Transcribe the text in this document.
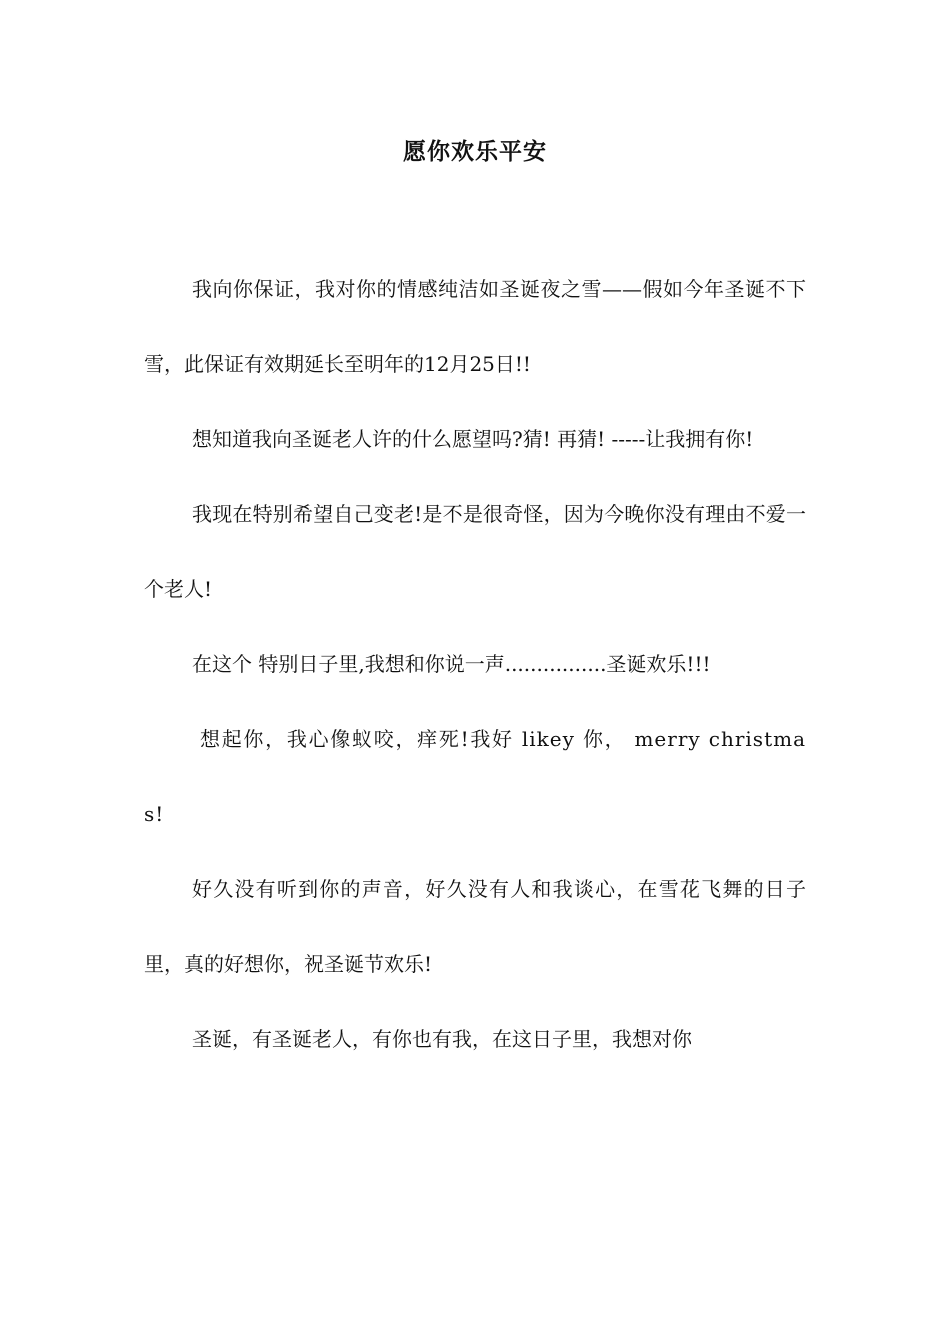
愿你欢乐平安

我向你保证，我对你的情感纯洁如圣诞夜之雪——假如今年圣诞不下雪，此保证有效期延长至明年的12月25日!!

想知道我向圣诞老人许的什么愿望吗?猜! 再猜! -----让我拥有你!

我现在特别希望自己变老!是不是很奇怪，因为今晚你没有理由不爱一个老人!

在这个 特别日子里,我想和你说一声................圣诞欢乐!!!

想起你，我心像蚁咬，痒死!我好 likey 你， merry christmas!

好久没有听到你的声音，好久没有人和我谈心，在雪花飞舞的日子里，真的好想你，祝圣诞节欢乐!

圣诞，有圣诞老人，有你也有我，在这日子里，我想对你
